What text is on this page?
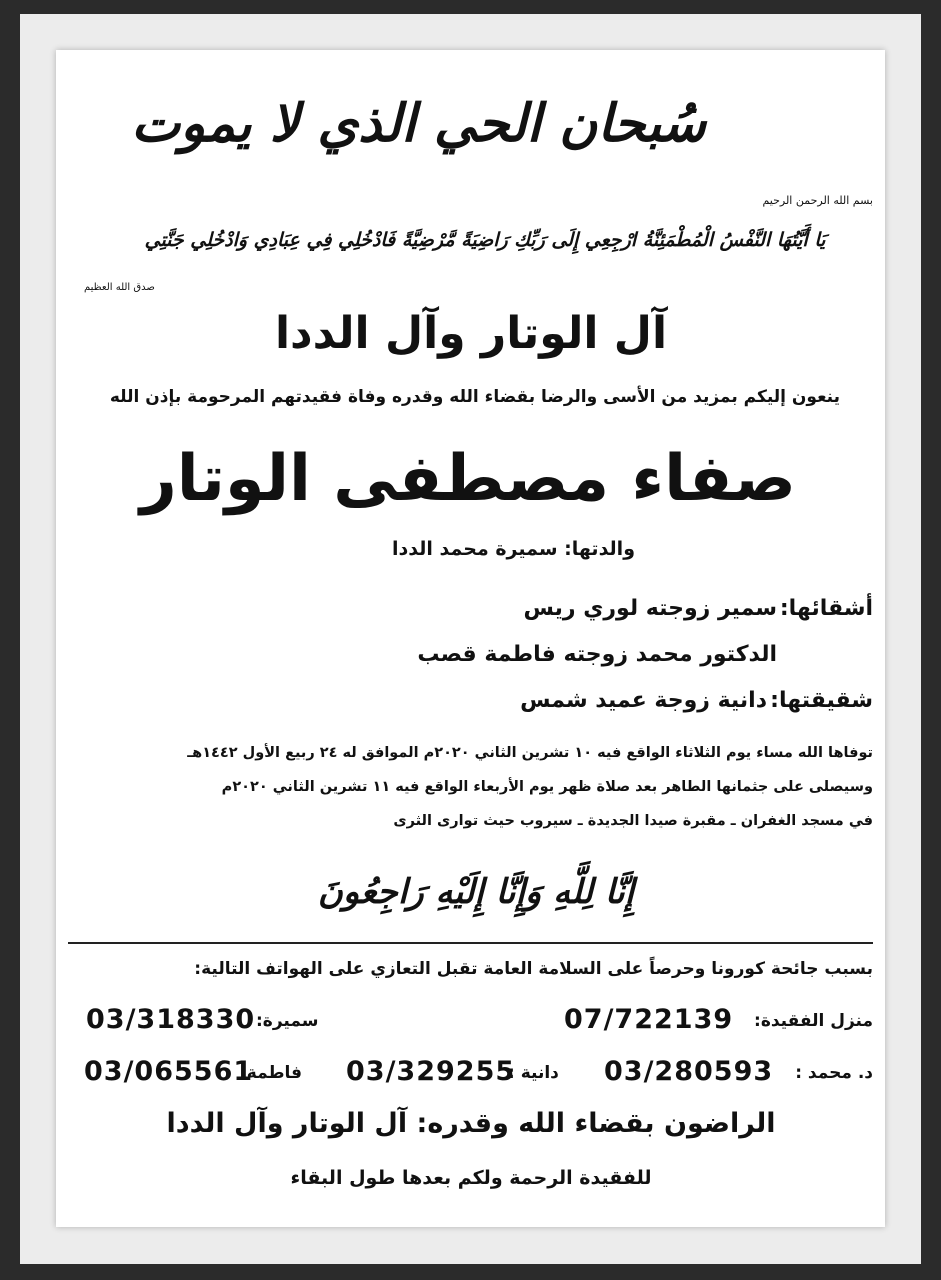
سُبحان الحي الذي لا يموت
بسم الله الرحمن الرحيم
يَا أَيَّتُهَا النَّفْسُ الْمُطْمَئِنَّةُ ارْجِعِي إِلَى رَبِّكِ رَاضِيَةً مَّرْضِيَّةً فَادْخُلِي فِي عِبَادِي وَادْخُلِي جَنَّتِي
صدق الله العظيم
آل الوتار وآل الددا
ينعون إليكم بمزيد من الأسى والرضا بقضاء الله وقدره وفاة فقيدتهم المرحومة بإذن الله
صفاء مصطفى الوتار
والدتها: سميرة محمد الددا
أشقائها:
سمير زوجته لوري ريس
الدكتور محمد زوجته فاطمة قصب
شقيقتها:
دانية زوجة عميد شمس
توفاها الله مساء يوم الثلاثاء الواقع فيه ١٠ تشرين الثاني ٢٠٢٠م الموافق له ٢٤ ربيع الأول ١٤٤٢هـ
وسيصلى على جثمانها الطاهر بعد صلاة ظهر يوم الأربعاء الواقع فيه ١١ تشرين الثاني ٢٠٢٠م
في مسجد الغفران ـ مقبرة صيدا الجديدة ـ سيروب حيث توارى الثرى
إِنَّا لِلَّهِ وَإِنَّا إِلَيْهِ رَاجِعُونَ
بسبب جائحة كورونا وحرصاً على السلامة العامة تقبل التعازي على الهواتف التالية:
منزل الفقيدة:
07/722139
سميرة:
03/318330
د. محمد :
03/280593
دانية :
03/329255
فاطمة:
03/065561
الراضون بقضاء الله وقدره: آل الوتار وآل الددا
للفقيدة الرحمة ولكم بعدها طول البقاء
